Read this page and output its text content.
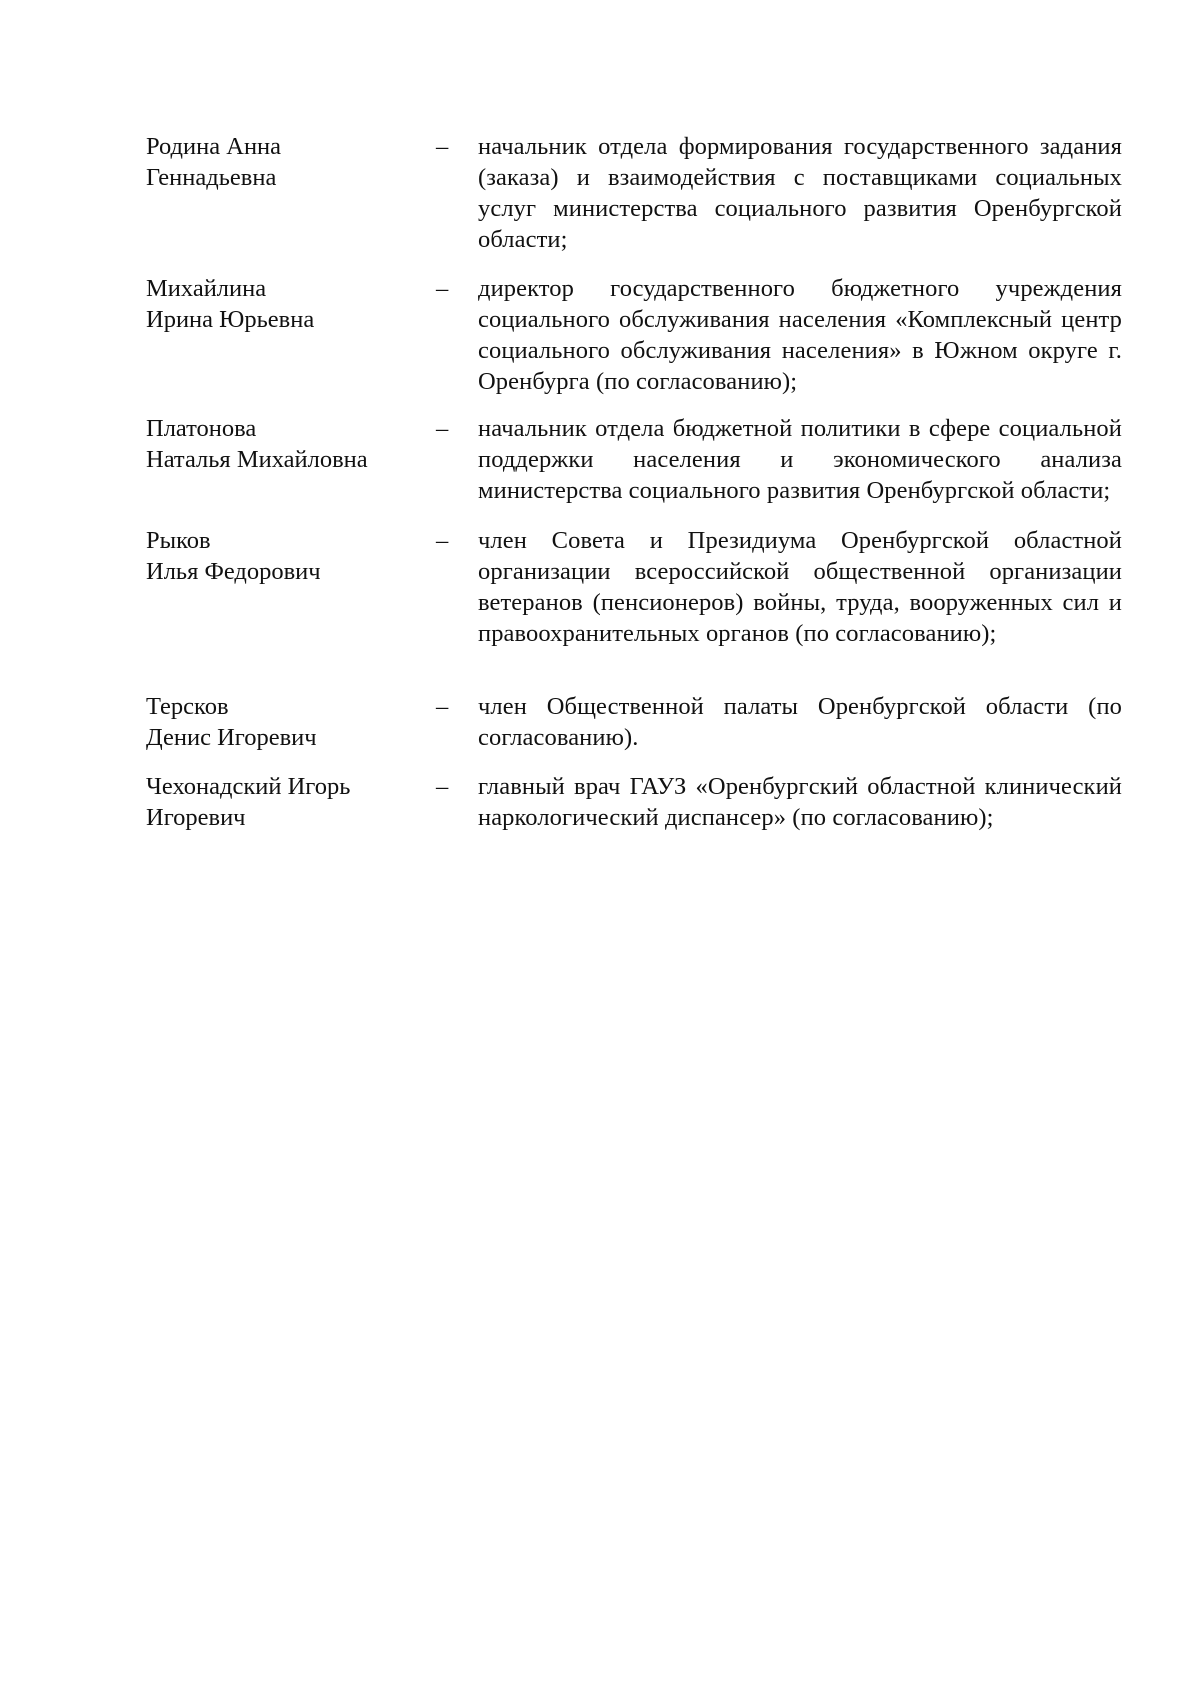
Родина Анна
Геннадьевна
–	начальник отдела формирования государственного задания (заказа) и взаимодействия с поставщиками социальных услуг министерства социального развития Оренбургской области;
Михайлина
Ирина Юрьевна
–	директор государственного бюджетного учреждения социального обслуживания населения «Комплексный центр социального обслуживания населения» в Южном округе г. Оренбурга (по согласованию);
Платонова
Наталья Михайловна
–	начальник отдела бюджетной политики в сфере социальной поддержки населения и экономического анализа министерства социального развития Оренбургской области;
Рыков
Илья Федорович
–	член Совета и Президиума Оренбургской областной организации всероссийской общественной организации ветеранов (пенсионеров) войны, труда, вооруженных сил и правоохранительных органов (по согласованию);
Терсков
Денис Игоревич
–	член Общественной палаты Оренбургской области (по согласованию).
Чехонадский Игорь
Игоревич
–	главный врач ГАУЗ «Оренбургский областной клинический наркологический диспансер» (по согласованию);
